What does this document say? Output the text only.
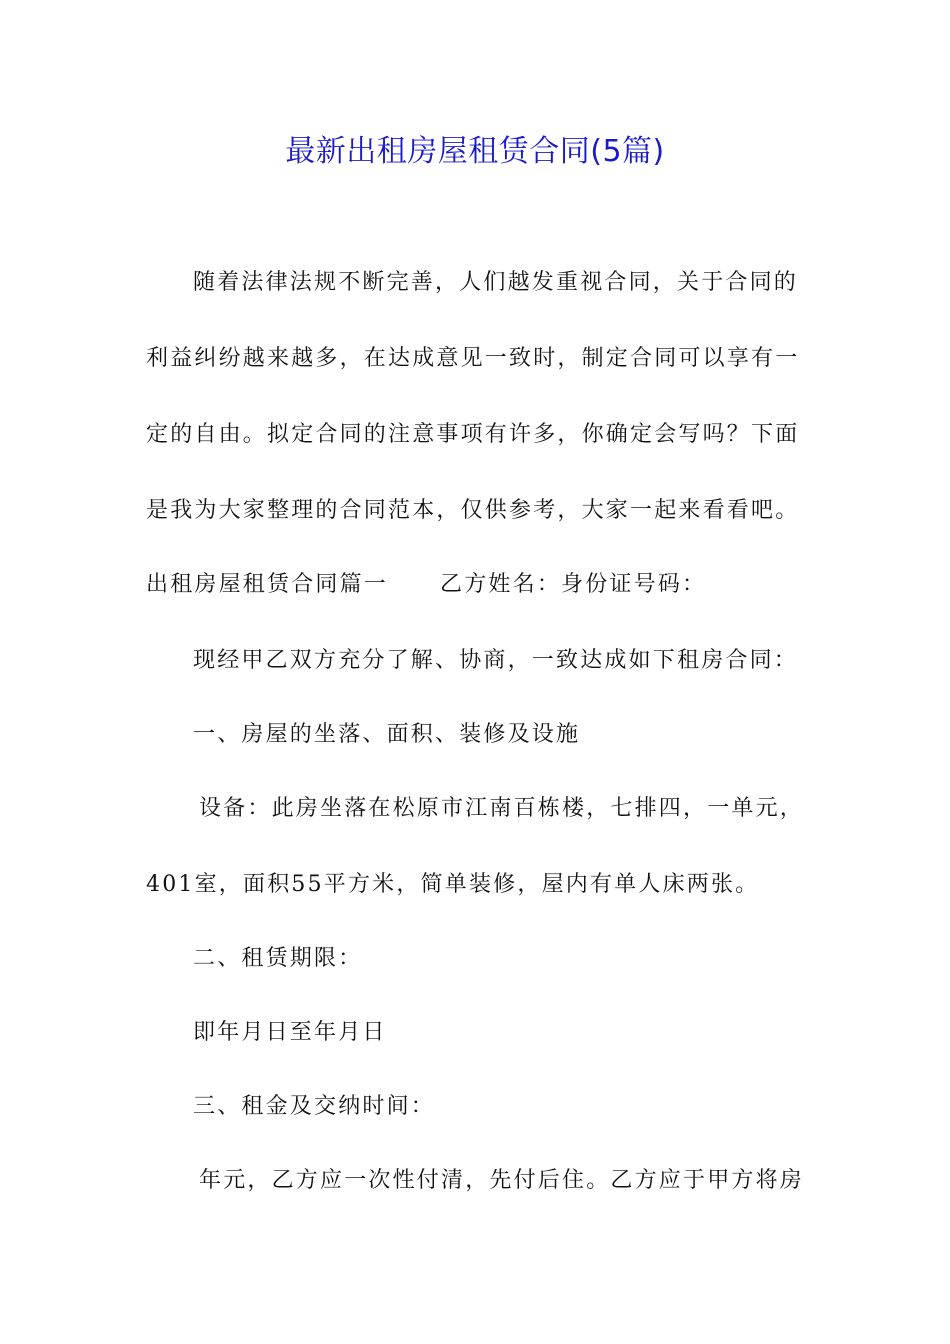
最新出租房屋租赁合同(5篇)
随着法律法规不断完善，人们越发重视合同，关于合同的
利益纠纷越来越多，在达成意见一致时，制定合同可以享有一
定的自由。拟定合同的注意事项有许多，你确定会写吗？下面
是我为大家整理的合同范本，仅供参考，大家一起来看看吧。
出租房屋租赁合同篇一 乙方姓名：身份证号码：
现经甲乙双方充分了解、协商，一致达成如下租房合同：
一、房屋的坐落、面积、装修及设施
设备：此房坐落在松原市江南百栋楼，七排四，一单元，
401室，面积55平方米，简单装修，屋内有单人床两张。
二、租赁期限：
即年月日至年月日
三、租金及交纳时间：
年元，乙方应一次性付清，先付后住。乙方应于甲方将房
